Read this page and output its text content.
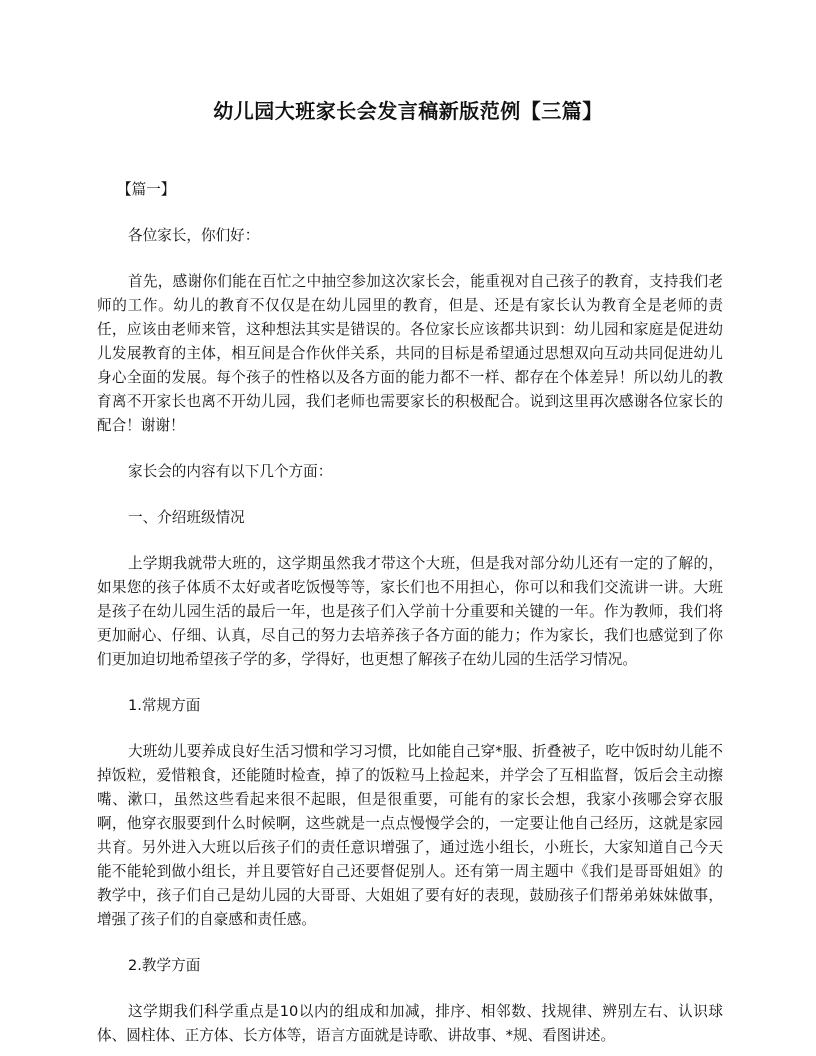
幼儿园大班家长会发言稿新版范例【三篇】

【篇一】

各位家长，你们好：

首先，感谢你们能在百忙之中抽空参加这次家长会，能重视对自己孩子的教育，支持我们老师的工作。幼儿的教育不仅仅是在幼儿园里的教育，但是、还是有家长认为教育全是老师的责任，应该由老师来管，这种想法其实是错误的。各位家长应该都共识到：幼儿园和家庭是促进幼儿发展教育的主体，相互间是合作伙伴关系，共同的目标是希望通过思想双向互动共同促进幼儿身心全面的发展。每个孩子的性格以及各方面的能力都不一样、都存在个体差异！所以幼儿的教育离不开家长也离不开幼儿园，我们老师也需要家长的积极配合。说到这里再次感谢各位家长的配合！谢谢！

家长会的内容有以下几个方面：

一、介绍班级情况

上学期我就带大班的，这学期虽然我才带这个大班，但是我对部分幼儿还有一定的了解的，如果您的孩子体质不太好或者吃饭慢等等，家长们也不用担心，你可以和我们交流讲一讲。大班是孩子在幼儿园生活的最后一年，也是孩子们入学前十分重要和关键的一年。作为教师，我们将更加耐心、仔细、认真，尽自己的努力去培养孩子各方面的能力；作为家长，我们也感觉到了你们更加迫切地希望孩子学的多，学得好，也更想了解孩子在幼儿园的生活学习情况。

1.常规方面

大班幼儿要养成良好生活习惯和学习习惯，比如能自己穿*服、折叠被子，吃中饭时幼儿能不掉饭粒，爱惜粮食，还能随时检查，掉了的饭粒马上捡起来，并学会了互相监督，饭后会主动擦嘴、漱口，虽然这些看起来很不起眼，但是很重要，可能有的家长会想，我家小孩哪会穿衣服啊，他穿衣服要到什么时候啊，这些就是一点点慢慢学会的，一定要让他自己经历，这就是家园共育。另外进入大班以后孩子们的责任意识增强了，通过选小组长，小班长，大家知道自己今天能不能轮到做小组长，并且要管好自己还要督促别人。还有第一周主题中《我们是哥哥姐姐》的教学中，孩子们自己是幼儿园的大哥哥、大姐姐了要有好的表现，鼓励孩子们帮弟弟妹妹做事，增强了孩子们的自豪感和责任感。

2.教学方面

这学期我们科学重点是10以内的组成和加减，排序、相邻数、找规律、辨别左右、认识球体、圆柱体、正方体、长方体等，语言方面就是诗歌、讲故事、*规、看图讲述。
